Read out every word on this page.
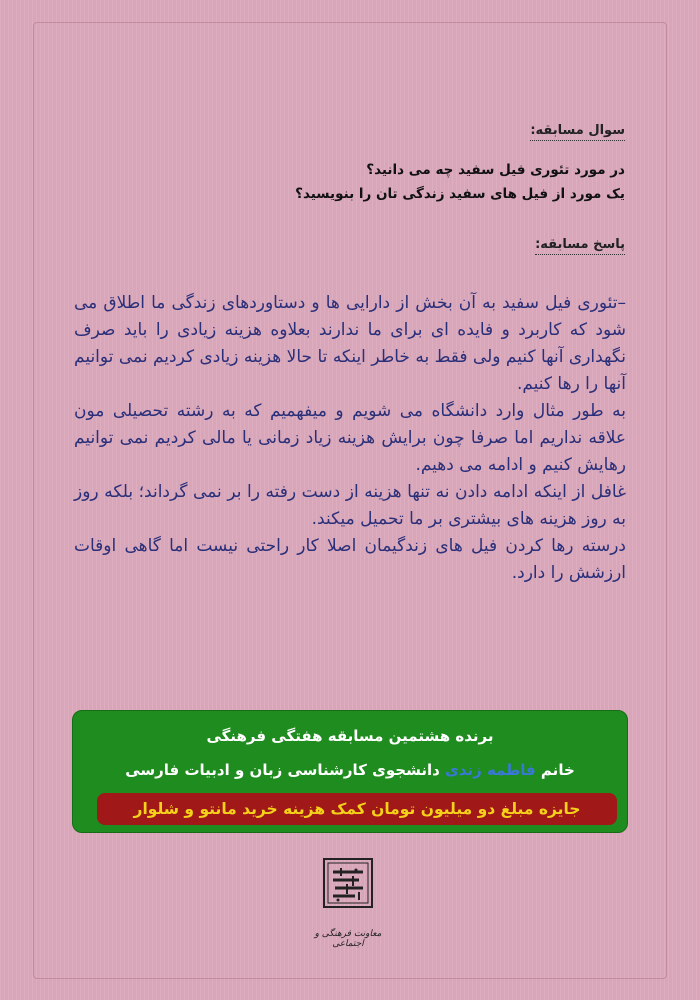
سوال مسابقه:
در مورد تئوری فیل سفید چه می دانید؟
یک مورد از فیل های سفید زندگی تان را بنویسید؟
پاسخ مسابقه:

–تئوری فیل سفید به آن بخش از دارایی ها و دستاوردهای زندگی ما اطلاق می شود که کاربرد و فایده ای برای ما ندارند بعلاوه هزینه زیادی را باید صرف نگهداری آنها کنیم ولی فقط به خاطر اینکه تا حالا هزینه زیادی کردیم نمی توانیم آنها را رها کنیم.

به طور مثال وارد دانشگاه می شویم و میفهمیم که به رشته تحصیلی مون علاقه نداریم اما صرفا چون برایش هزینه زیاد زمانی یا مالی کردیم نمی توانیم رهایش کنیم و ادامه می دهیم.

غافل از اینکه ادامه دادن نه تنها هزینه از دست رفته را بر نمی گرداند؛ بلکه روز به روز هزینه های بیشتری بر ما تحمیل میکند.

درسته رها کردن فیل های زندگیمان اصلا کار راحتی نیست اما گاهی اوقات ارزشش را دارد.

برنده هشتمین مسابقه هفتگی فرهنگی
خانم فاطمه زندی دانشجوی کارشناسی زبان و ادبیات فارسی
جایزه مبلغ دو میلیون تومان کمک هزینه خرید مانتو و شلوار
معاونت فرهنگی و اجتماعی
